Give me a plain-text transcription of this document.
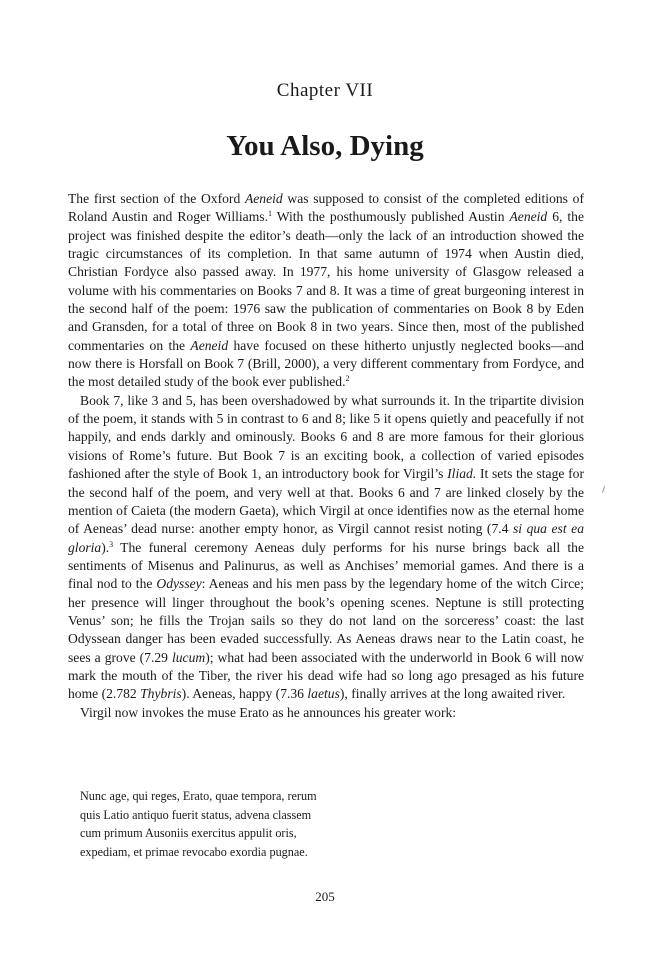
Chapter VII
You Also, Dying

The first section of the Oxford Aeneid was supposed to consist of the completed editions of Roland Austin and Roger Williams.$^1$ With the posthumously published Austin Aeneid 6, the project was finished despite the editor’s death—only the lack of an introduction showed the tragic circumstances of its completion. In that same autumn of 1974 when Austin died, Christian Fordyce also passed away. In 1977, his home university of Glasgow released a volume with his commentaries on Books 7 and 8. It was a time of great burgeoning interest in the second half of the poem: 1976 saw the publication of commentaries on Book 8 by Eden and Gransden, for a total of three on Book 8 in two years. Since then, most of the published commentaries on the Aeneid have focused on these hitherto unjustly neglected books—and now there is Horsfall on Book 7 (Brill, 2000), a very different commentary from Fordyce, and the most detailed study of the book ever published.$^2$

Book 7, like 3 and 5, has been overshadowed by what surrounds it. In the tripartite division of the poem, it stands with 5 in contrast to 6 and 8; like 5 it opens quietly and peacefully if not happily, and ends darkly and ominously. Books 6 and 8 are more famous for their glorious visions of Rome’s future. But Book 7 is an exciting book, a collection of varied episodes fashioned after the style of Book 1, an introductory book for Virgil’s Iliad. It sets the stage for the second half of the poem, and very well at that. Books 6 and 7 are linked closely by the mention of Caieta (the modern Gaeta), which Virgil at once identifies now as the eternal home of Aeneas’ dead nurse: another empty honor, as Virgil cannot resist noting (7.4 si qua est ea gloria).$^3$ The funeral ceremony Aeneas duly performs for his nurse brings back all the sentiments of Misenus and Palinurus, as well as Anchises’ memorial games. And there is a final nod to the Odyssey: Aeneas and his men pass by the legendary home of the witch Circe; her presence will linger throughout the book’s opening scenes. Neptune is still protecting Venus’ son; he fills the Trojan sails so they do not land on the sorceress’ coast: the last Odyssean danger has been evaded successfully. As Aeneas draws near to the Latin coast, he sees a grove (7.29 lucum); what had been associated with the underworld in Book 6 will now mark the mouth of the Tiber, the river his dead wife had so long ago presaged as his future home (2.782 Thybris). Aeneas, happy (7.36 laetus), finally arrives at the long awaited river.

Virgil now invokes the muse Erato as he announces his greater work:

Nunc age, qui reges, Erato, quae tempora, rerum
quis Latio antiquo fuerit status, advena classem
cum primum Ausoniis exercitus appulit oris,
expediam, et primae revocabo exordia pugnae.
205
